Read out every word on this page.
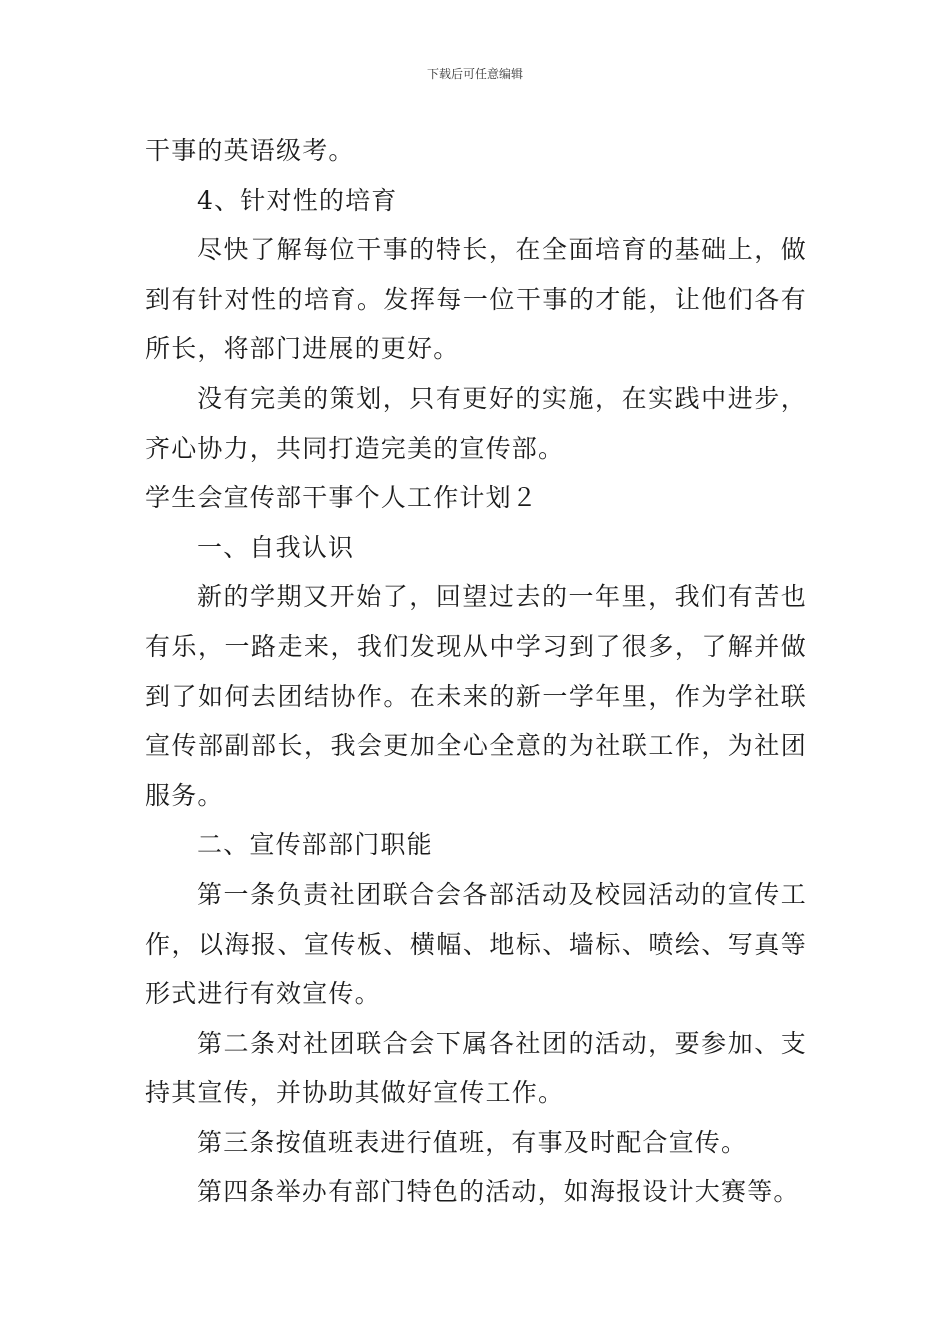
下载后可任意编辑

干事的英语级考。

4、针对性的培育

尽快了解每位干事的特长，在全面培育的基础上，做到有针对性的培育。发挥每一位干事的才能，让他们各有所长，将部门进展的更好。

没有完美的策划，只有更好的实施，在实践中进步，齐心协力，共同打造完美的宣传部。

学生会宣传部干事个人工作计划２

一、自我认识

新的学期又开始了，回望过去的一年里，我们有苦也有乐，一路走来，我们发现从中学习到了很多，了解并做到了如何去团结协作。在未来的新一学年里，作为学社联宣传部副部长，我会更加全心全意的为社联工作，为社团服务。

二、宣传部部门职能

第一条负责社团联合会各部活动及校园活动的宣传工作，以海报、宣传板、横幅、地标、墙标、喷绘、写真等形式进行有效宣传。

第二条对社团联合会下属各社团的活动，要参加、支持其宣传，并协助其做好宣传工作。

第三条按值班表进行值班，有事及时配合宣传。

第四条举办有部门特色的活动，如海报设计大赛等。
